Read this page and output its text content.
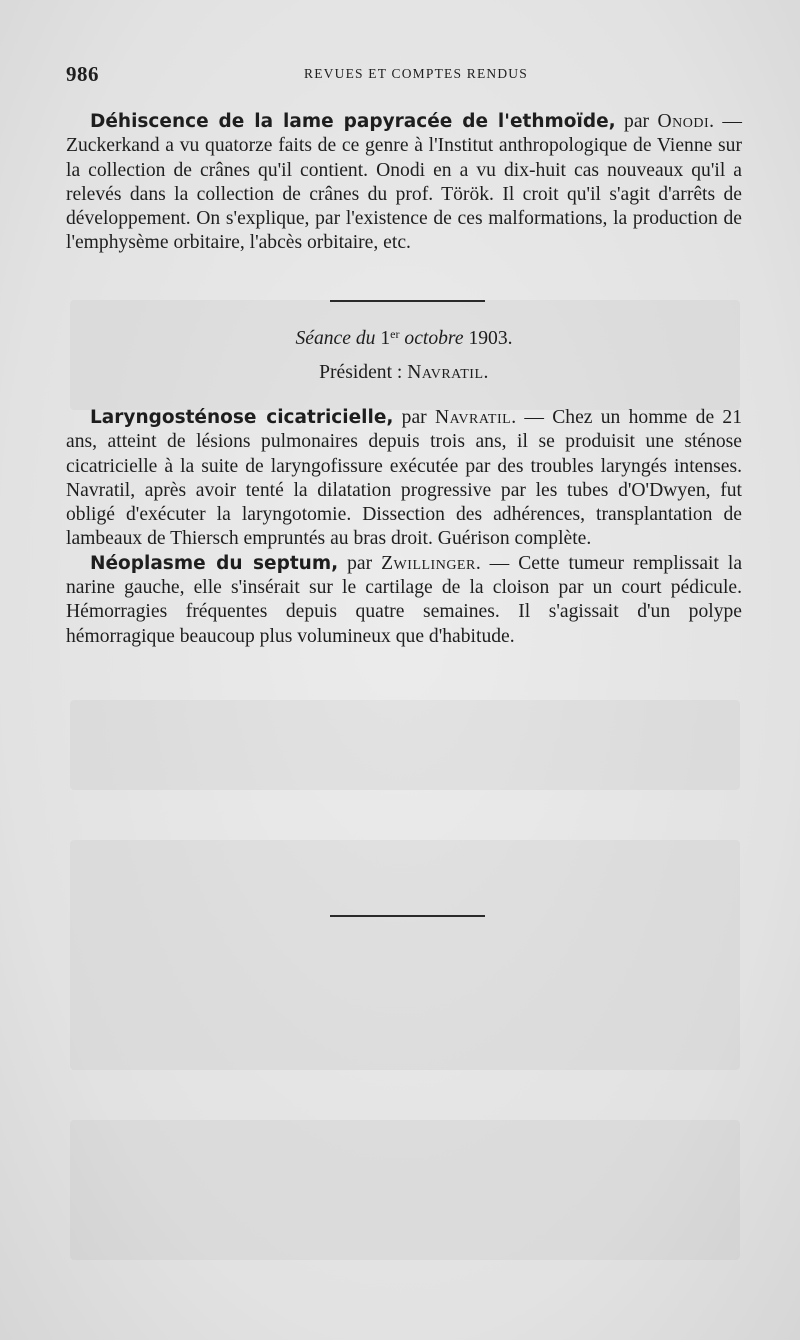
986	REVUES ET COMPTES RENDUS

Déhiscence de la lame papyracée de l'ethmoïde, par Onodi. — Zuckerkand a vu quatorze faits de ce genre à l'Institut anthropologique de Vienne sur la collection de crânes qu'il contient. Onodi en a vu dix-huit cas nouveaux qu'il a relevés dans la collection de crânes du prof. Török. Il croit qu'il s'agit d'arrêts de développement. On s'explique, par l'existence de ces malformations, la production de l'emphysème orbitaire, l'abcès orbitaire, etc.

Séance du 1er octobre 1903.
Président : Navratil.

Laryngosténose cicatricielle, par Navratil. — Chez un homme de 21 ans, atteint de lésions pulmonaires depuis trois ans, il se produisit une sténose cicatricielle à la suite de laryngofissure exécutée par des troubles laryngés intenses. Navratil, après avoir tenté la dilatation progressive par les tubes d'O'Dwyen, fut obligé d'exécuter la laryngotomie. Dissection des adhérences, transplantation de lambeaux de Thiersch empruntés au bras droit. Guérison complète.

Néoplasme du septum, par Zwillinger. — Cette tumeur remplissait la narine gauche, elle s'insérait sur le cartilage de la cloison par un court pédicule. Hémorragies fréquentes depuis quatre semaines. Il s'agissait d'un polype hémorragique beaucoup plus volumineux que d'habitude.
